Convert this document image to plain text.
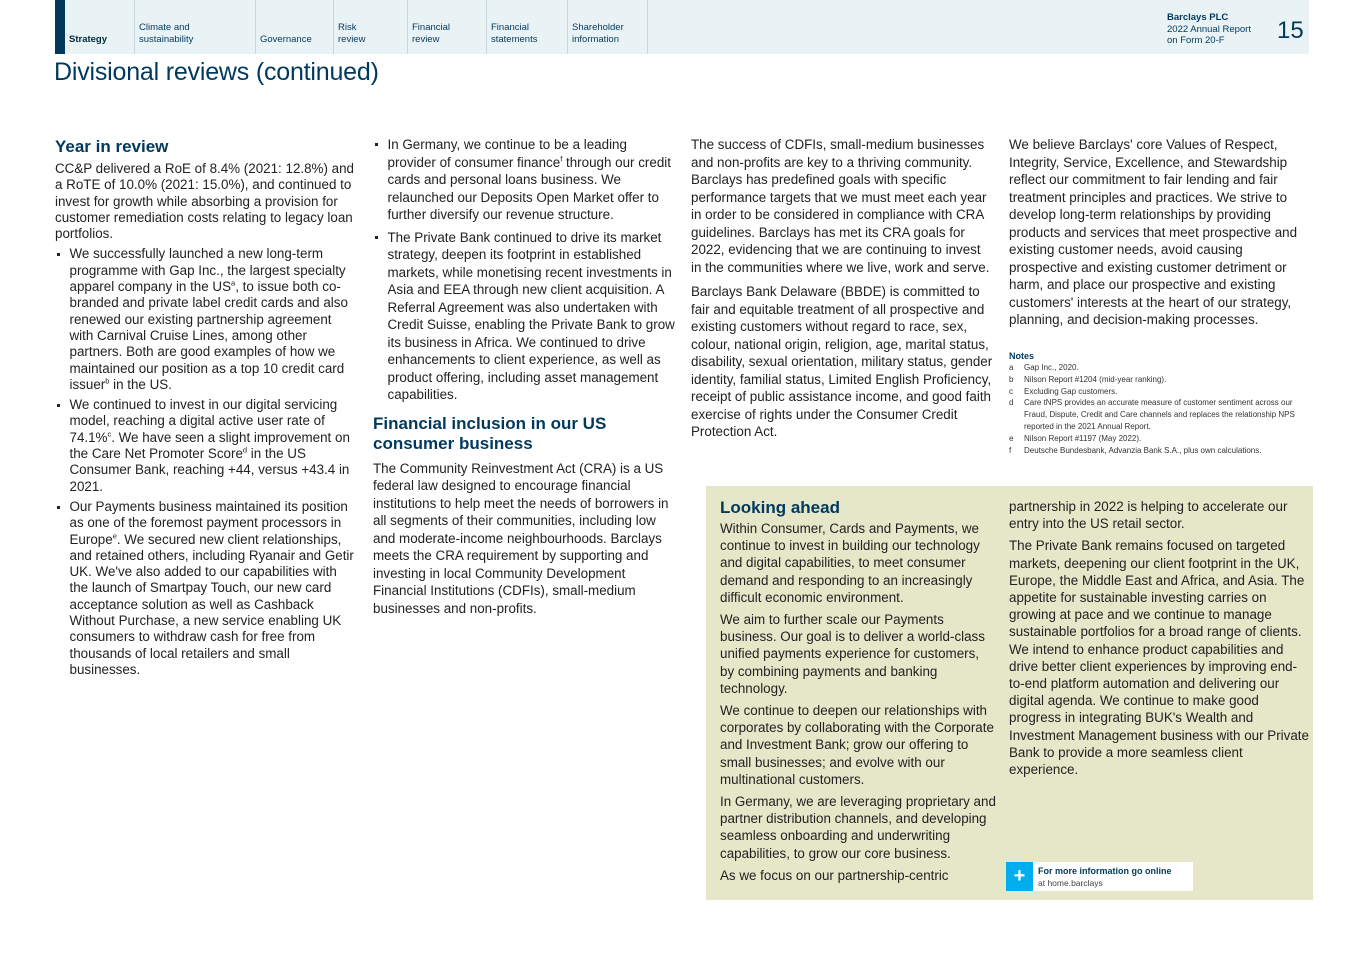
Strategy
Climate and
sustainability	Governance
Risk
review
Financial
review
Financial
statements
Shareholder
information
Barclays PLC
2022 Annual Report
on Form 20-F	15
Divisional reviews (continued)
Year in review

CC&P delivered a RoE of 8.4% (2021: 12.8%) and a RoTE of 10.0% (2021: 15.0%), and continued to invest for growth while absorbing a provision for customer remediation costs relating to legacy loan portfolios.

We successfully launched a new long-term programme with Gap Inc., the largest specialty apparel company in the $US^a$, to issue both co-branded and private label credit cards and also renewed our existing partnership agreement with Carnival Cruise Lines, among other partners. Both are good examples of how we maintained our position as a top 10 credit card issuer$^b$ in the US.
We continued to invest in our digital servicing model, reaching a digital active user rate of 74.1%$^c$. We have seen a slight improvement on the Care Net Promoter Score$^d$ in the US Consumer Bank, reaching +44, versus +43.4 in 2021.
Our Payments business maintained its position as one of the foremost payment processors in Europe$^e$. We secured new client relationships, and retained others, including Ryanair and Getir UK. We've also added to our capabilities with the launch of Smartpay Touch, our new card acceptance solution as well as Cashback Without Purchase, a new service enabling UK consumers to withdraw cash for free from thousands of local retailers and small businesses.
In Germany, we continue to be a leading provider of consumer finance$^f$ through our credit cards and personal loans business. We relaunched our Deposits Open Market offer to further diversify our revenue structure.
The Private Bank continued to drive its market strategy, deepen its footprint in established markets, while monetising recent investments in Asia and EEA through new client acquisition. A Referral Agreement was also undertaken with Credit Suisse, enabling the Private Bank to grow its business in Africa. We continued to drive enhancements to client experience, as well as product offering, including asset management capabilities.
Financial inclusion in our US consumer business

The Community Reinvestment Act (CRA) is a US federal law designed to encourage financial institutions to help meet the needs of borrowers in all segments of their communities, including low and moderate-income neighbourhoods. Barclays meets the CRA requirement by supporting and investing in local Community Development Financial Institutions (CDFIs), small-medium businesses and non-profits.

The success of CDFIs, small-medium businesses and non-profits are key to a thriving community. Barclays has predefined goals with specific performance targets that we must meet each year in order to be considered in compliance with CRA guidelines. Barclays has met its CRA goals for 2022, evidencing that we are continuing to invest in the communities where we live, work and serve.

Barclays Bank Delaware (BBDE) is committed to fair and equitable treatment of all prospective and existing customers without regard to race, sex, colour, national origin, religion, age, marital status, disability, sexual orientation, military status, gender identity, familial status, Limited English Proficiency, receipt of public assistance income, and good faith exercise of rights under the Consumer Credit Protection Act.

We believe Barclays' core Values of Respect, Integrity, Service, Excellence, and Stewardship reflect our commitment to fair lending and fair treatment principles and practices. We strive to develop long-term relationships by providing products and services that meet prospective and existing customer needs, avoid causing prospective and existing customer detriment or harm, and place our prospective and existing customers' interests at the heart of our strategy, planning, and decision-making processes.

Notes
a	Gap Inc., 2020.
b	Nilson Report #1204 (mid-year ranking).
c	Excluding Gap customers.
d	Care tNPS provides an accurate measure of customer sentiment across our Fraud, Dispute, Credit and Care channels and replaces the relationship NPS reported in the 2021 Annual Report.
e	Nilson Report #1197 (May 2022).
f	Deutsche Bundesbank, Advanzia Bank S.A., plus own calculations.
Looking ahead

Within Consumer, Cards and Payments, we continue to invest in building our technology and digital capabilities, to meet consumer demand and responding to an increasingly difficult economic environment.

We aim to further scale our Payments business. Our goal is to deliver a world-class unified payments experience for customers, by combining payments and banking technology.

We continue to deepen our relationships with corporates by collaborating with the Corporate and Investment Bank; grow our offering to small businesses; and evolve with our multinational customers.

In Germany, we are leveraging proprietary and partner distribution channels, and developing seamless onboarding and underwriting capabilities, to grow our core business.

As we focus on our partnership-centric

partnership in 2022 is helping to accelerate our entry into the US retail sector.

The Private Bank remains focused on targeted markets, deepening our client footprint in the UK, Europe, the Middle East and Africa, and Asia. The appetite for sustainable investing carries on growing at pace and we continue to manage sustainable portfolios for a broad range of clients. We intend to enhance product capabilities and drive better client experiences by improving end-to-end platform automation and delivering our digital agenda. We continue to make good progress in integrating BUK's Wealth and Investment Management business with our Private Bank to provide a more seamless client experience.

+	For more information go online
at home.barclays
